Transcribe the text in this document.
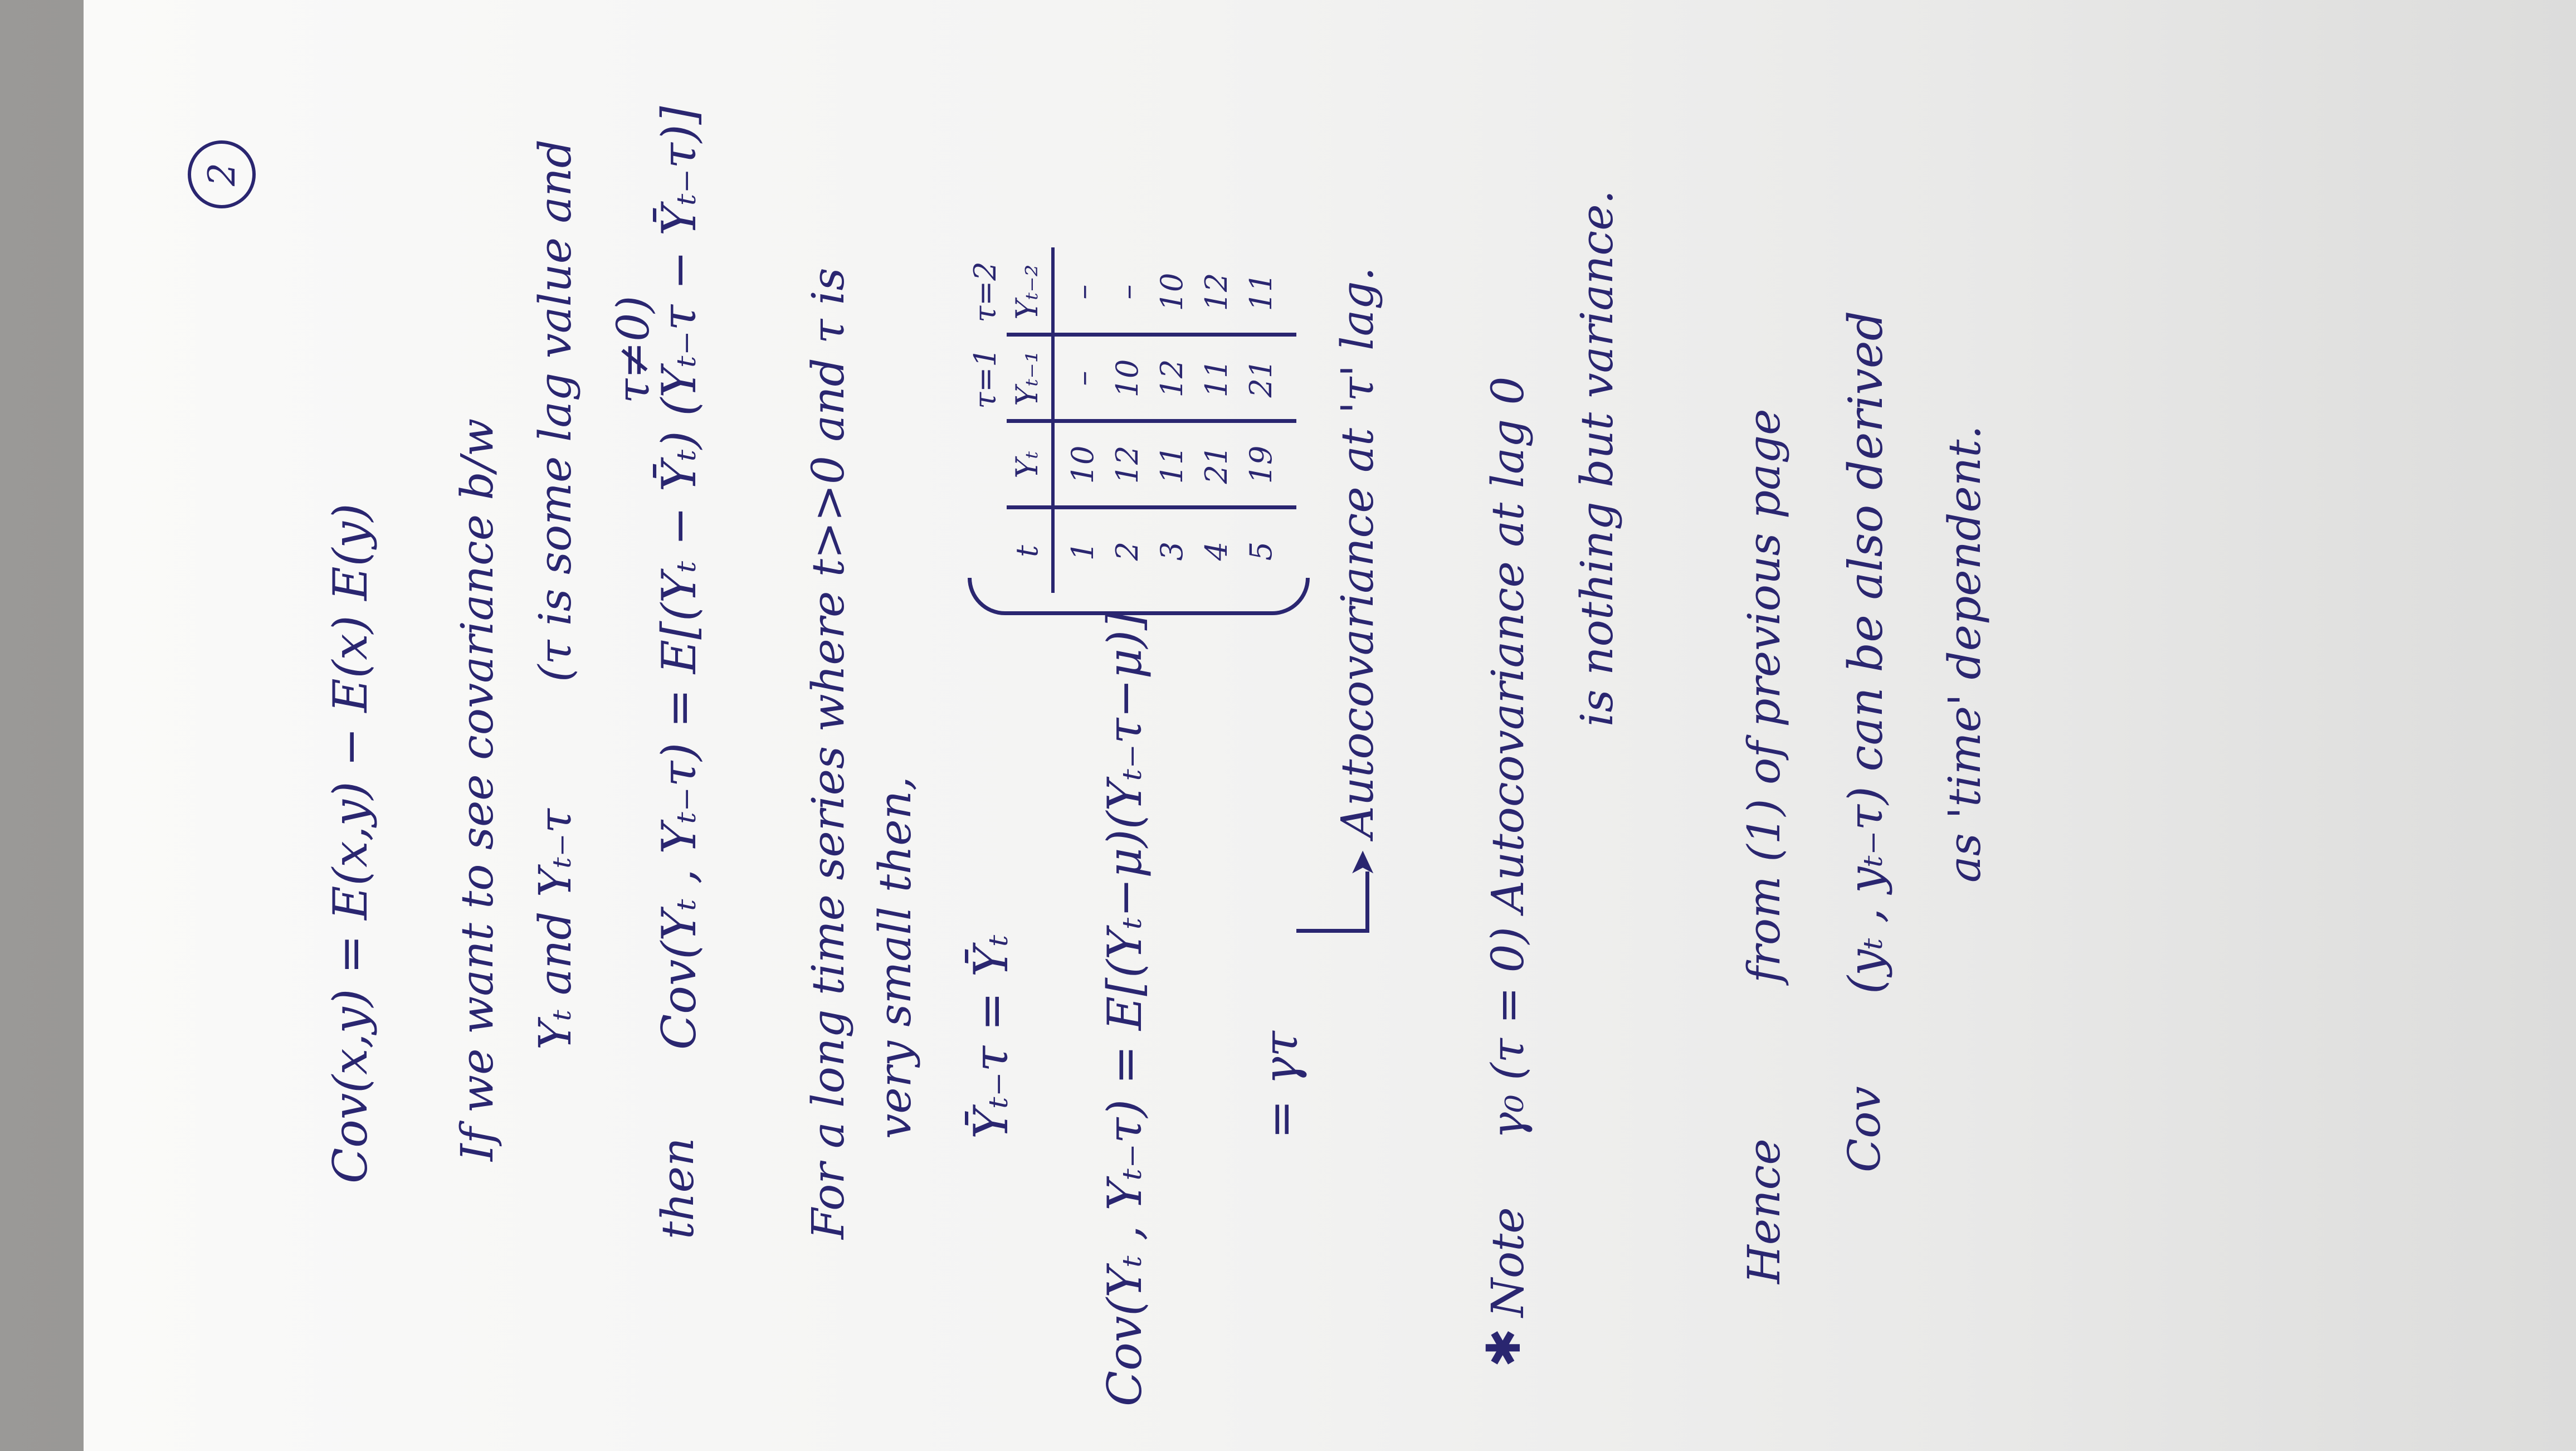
2
Cov(x,y) = E(x,y) − E(x) E(y) If we want to see covariance b/w Yₜ and Yₜ₋τ
(τ is some lag value and τ≠0)
then
Cov(Yₜ , Yₜ₋τ) = E[(Yₜ − Ȳₜ) (Yₜ₋τ − Ȳₜ₋τ)] For a long time series where t>>0 and τ is very small then, Ȳₜ₋τ = Ȳₜ Cov(Yₜ , Yₜ₋τ) = E[(Yₜ−μ)(Yₜ₋τ−μ)] = γτ
➤
Autocovariance at 'τ' lag.
τ=1
τ=2
t
Yₜ
Yₜ₋₁
Yₜ₋₂
1
10
–
–
2
12
10
–
3
11
12
10
4
21
11
12
5
19
21
11
✱
Note
γ₀ (τ = 0) Autocovariance at lag 0 is nothing but variance.
Hence
from (1) of previous page
Cov
(yₜ , yₜ₋τ) can be also derived as 'time' dependent.
